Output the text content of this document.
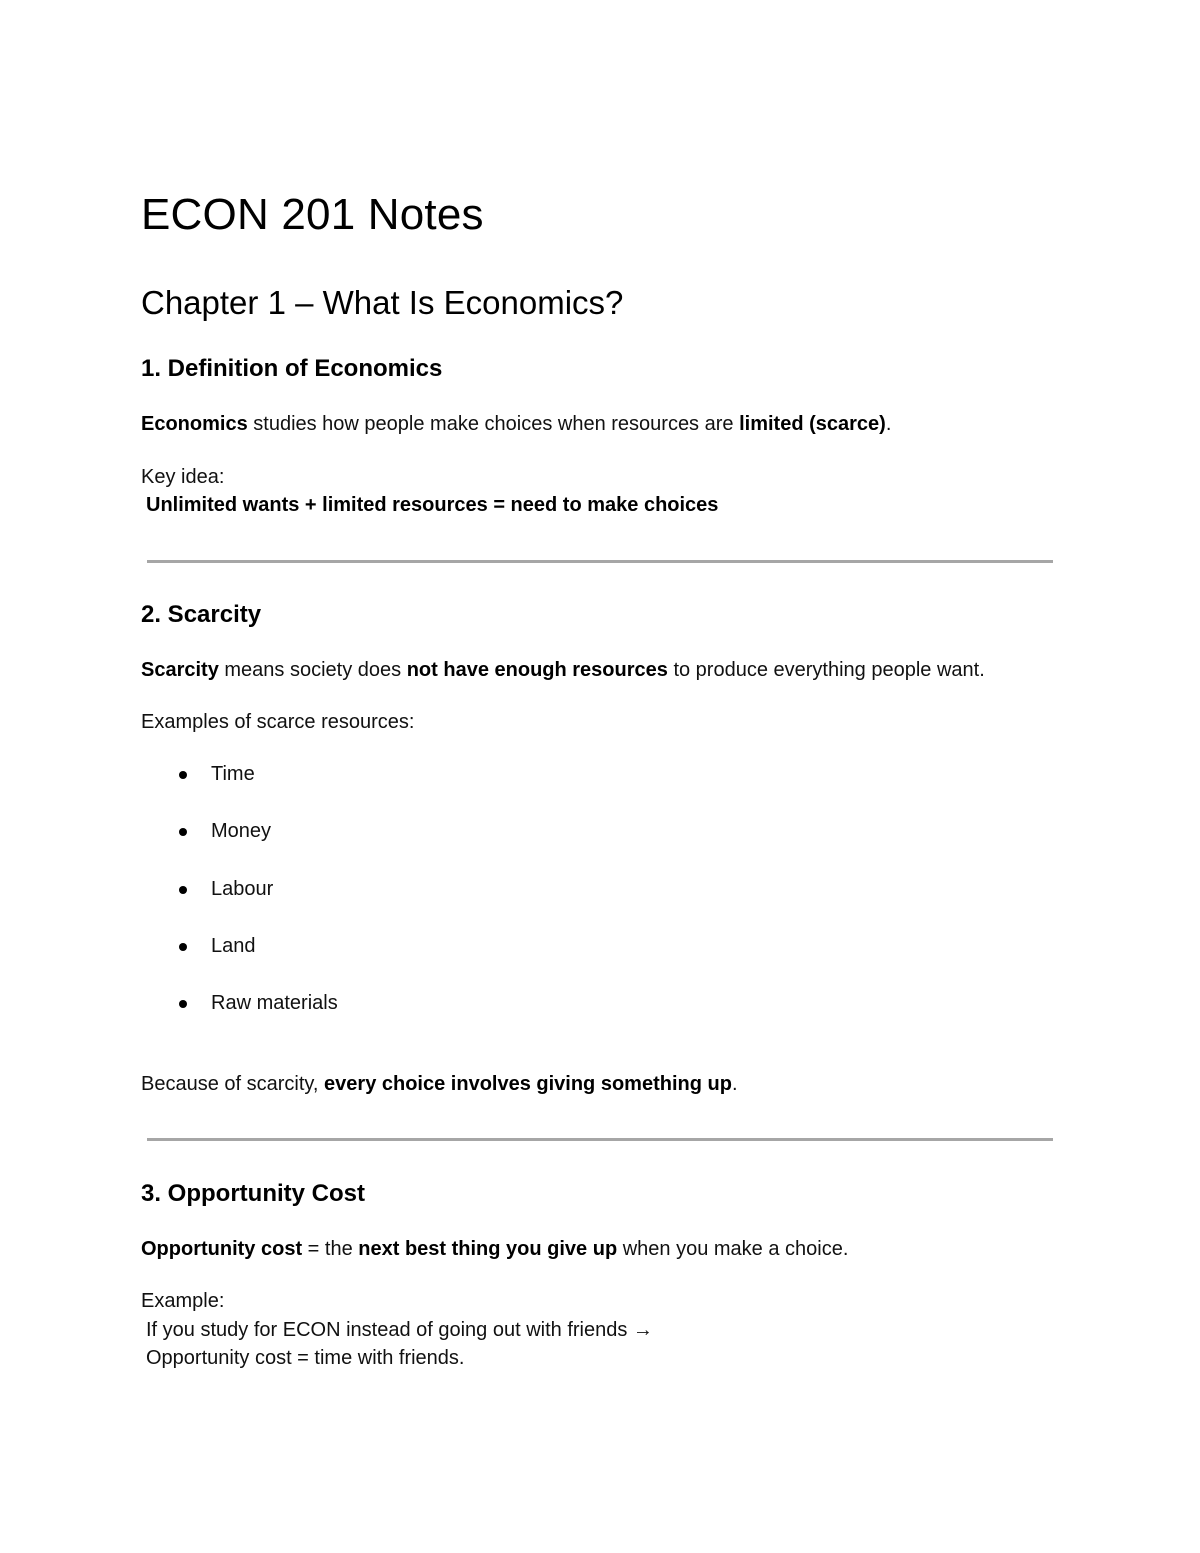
ECON 201 Notes
Chapter 1 – What Is Economics?
1. Definition of Economics
Economics studies how people make choices when resources are limited (scarce).
Key idea:
Unlimited wants + limited resources = need to make choices
2. Scarcity
Scarcity means society does not have enough resources to produce everything people want.
Examples of scarce resources:
Time
Money
Labour
Land
Raw materials
Because of scarcity, every choice involves giving something up.
3. Opportunity Cost
Opportunity cost = the next best thing you give up when you make a choice.
Example:
If you study for ECON instead of going out with friends →
Opportunity cost = time with friends.
